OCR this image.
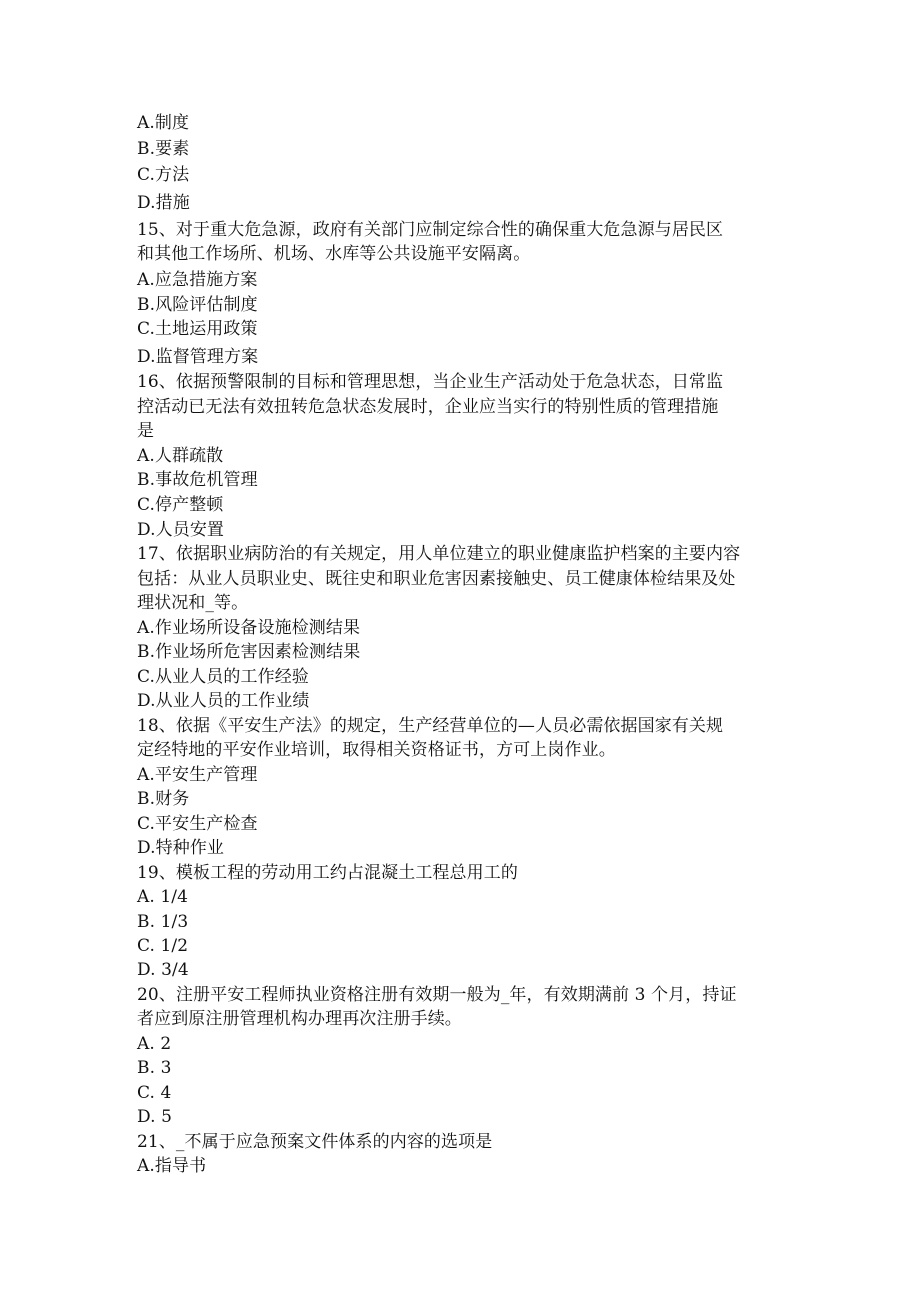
A.制度
B.要素
C.方法
D.措施
15、对于重大危急源，政府有关部门应制定综合性的确保重大危急源与居民区
和其他工作场所、机场、水库等公共设施平安隔离。
A.应急措施方案
B.风险评估制度
C.土地运用政策
D.监督管理方案
16、依据预警限制的目标和管理思想，当企业生产活动处于危急状态，日常监
控活动已无法有效扭转危急状态发展时，企业应当实行的特别性质的管理措施
是
A.人群疏散
B.事故危机管理
C.停产整顿
D.人员安置
17、依据职业病防治的有关规定，用人单位建立的职业健康监护档案的主要内容
包括：从业人员职业史、既往史和职业危害因素接触史、员工健康体检结果及处
理状况和_等。
A.作业场所设备设施检测结果
B.作业场所危害因素检测结果
C.从业人员的工作经验
D.从业人员的工作业绩
18、依据《平安生产法》的规定，生产经营单位的—人员必需依据国家有关规
定经特地的平安作业培训，取得相关资格证书，方可上岗作业。
A.平安生产管理
B.财务
C.平安生产检查
D.特种作业
19、模板工程的劳动用工约占混凝土工程总用工的
A. 1/4
B. 1/3
C. 1/2
D. 3/4
20、注册平安工程师执业资格注册有效期一般为_年，有效期满前 3 个月，持证
者应到原注册管理机构办理再次注册手续。
A. 2
B. 3
C. 4
D. 5
21、_不属于应急预案文件体系的内容的选项是
A.指导书
